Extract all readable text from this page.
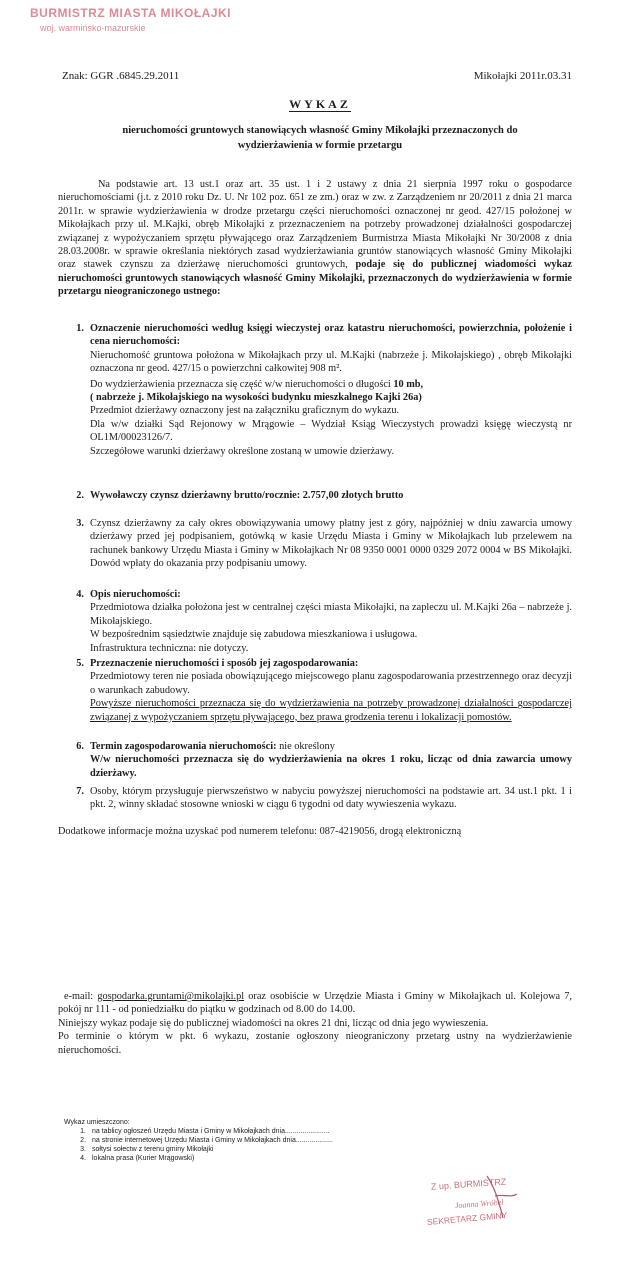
BURMISTRZ MIASTA MIKOŁAJKI
woj. warmińsko-mazurskie
Znak: GGR .6845.29.2011	Mikołajki 2011r.03.31
WYKAZ
nieruchomości gruntowych stanowiących własność Gminy Mikołajki przeznaczonych do wydzierżawienia w formie przetargu
Na podstawie art. 13 ust.1 oraz art. 35 ust. 1 i 2 ustawy z dnia 21 sierpnia 1997 roku o gospodarce nieruchomościami (j.t. z 2010 roku Dz. U. Nr 102 poz. 651 ze zm.) oraz w zw. z Zarządzeniem nr 20/2011 z dnia 21 marca 2011r. w sprawie wydzierżawienia w drodze przetargu części nieruchomości oznaczonej nr geod. 427/15 położonej w Mikołajkach przy ul. M.Kajki, obręb Mikołajki z przeznaczeniem na potrzeby prowadzonej działalności gospodarczej związanej z wypożyczaniem sprzętu pływającego oraz Zarządzeniem Burmistrza Miasta Mikołajki Nr 30/2008 z dnia 28.03.2008r. w sprawie określania niektórych zasad wydzierżawiania gruntów stanowiących własność Gminy Mikołajki oraz stawek czynszu za dzierżawę nieruchomości gruntowych, podaje się do publicznej wiadomości wykaz nieruchomości gruntowych stanowiących własność Gminy Mikołajki, przeznaczonych do wydzierżawienia w formie przetargu nieograniczonego ustnego:
1. Oznaczenie nieruchomości według księgi wieczystej oraz katastru nieruchomości, powierzchnia, położenie i cena nieruchomości:
Nieruchomość gruntowa położona w Mikołajkach przy ul. M.Kajki (nabrzeże j. Mikołajskiego) , obręb Mikołajki oznaczona nr geod. 427/15 o powierzchni całkowitej 908 m².
Do wydzierżawienia przeznacza się część w/w nieruchomości o długości 10 mb,
( nabrzeże j. Mikołajskiego na wysokości budynku mieszkalnego Kajki 26a)
Przedmiot dzierżawy oznaczony jest na załączniku graficznym do wykazu.
Dla w/w działki Sąd Rejonowy w Mrągowie – Wydział Ksiąg Wieczystych prowadzi księgę wieczystą nr OL1M/00023126/7.
Szczegółowe warunki dzierżawy określone zostaną w umowie dzierżawy.
2. Wywoławczy czynsz dzierżawny brutto/rocznie: 2.757,00 złotych brutto
3. Czynsz dzierżawny za cały okres obowiązywania umowy płatny jest z góry, najpóźniej w dniu zawarcia umowy dzierżawy przed jej podpisaniem, gotówką w kasie Urzędu Miasta i Gminy w Mikołajkach lub przelewem na rachunek bankowy Urzędu Miasta i Gminy w Mikołajkach Nr 08 9350 0001 0000 0329 2072 0004 w BS Mikołajki. Dowód wpłaty do okazania przy podpisaniu umowy.
4. Opis nieruchomości:
Przedmiotowa działka położona jest w centralnej części miasta Mikołajki, na zapleczu ul. M.Kajki 26a – nabrzeże j. Mikołajskiego.
W bezpośrednim sąsiedztwie znajduje się zabudowa mieszkaniowa i usługowa.
Infrastruktura techniczna: nie dotyczy.
5. Przeznaczenie nieruchomości i sposób jej zagospodarowania:
Przedmiotowy teren nie posiada obowiązującego miejscowego planu zagospodarowania przestrzennego oraz decyzji o warunkach zabudowy.
Powyższe nieruchomości przeznacza się do wydzierżawienia na potrzeby prowadzonej działalności gospodarczej związanej z wypożyczaniem sprzętu pływającego, bez prawa grodzenia terenu i lokalizacji pomostów.
6. Termin zagospodarowania nieruchomości: nie określony
W/w nieruchomości przeznacza się do wydzierżawienia na okres 1 roku, licząc od dnia zawarcia umowy dzierżawy.
7. Osoby, którym przysługuje pierwszeństwo w nabyciu powyższej nieruchomości na podstawie art. 34 ust.1 pkt. 1 i pkt. 2, winny składać stosowne wnioski w ciągu 6 tygodni od daty wywieszenia wykazu.
Dodatkowe informacje można uzyskać pod numerem telefonu: 087-4219056, drogą elektroniczną

e-mail: gospodarka.gruntami@mikolajki.pl oraz osobiście w Urzędzie Miasta i Gminy w Mikołajkach ul. Kolejowa 7, pokój nr 111 - od poniedziałku do piątku w godzinach od 8.00 do 14.00.

Niniejszy wykaz podaje się do publicznej wiadomości na okres 21 dni, licząc od dnia jego wywieszenia.

Po terminie o którym w pkt. 6 wykazu, zostanie ogłoszony nieograniczony przetarg ustny na wydzierżawienie nieruchomości.

Wykaz umieszczono:
1. na tablicy ogłoszeń Urzędu Miasta i Gminy w Mikołajkach dnia.......................
2. na stronie internetowej Urzędu Miasta i Gminy w Mikołajkach dnia...................
3. sołtysi sołectw z terenu gminy Mikołajki
4. lokalna prasa (Kurier Mrągowski)
Z up. BURMISTRZ
Joanna Wróbel
SEKRETARZ GMINY
